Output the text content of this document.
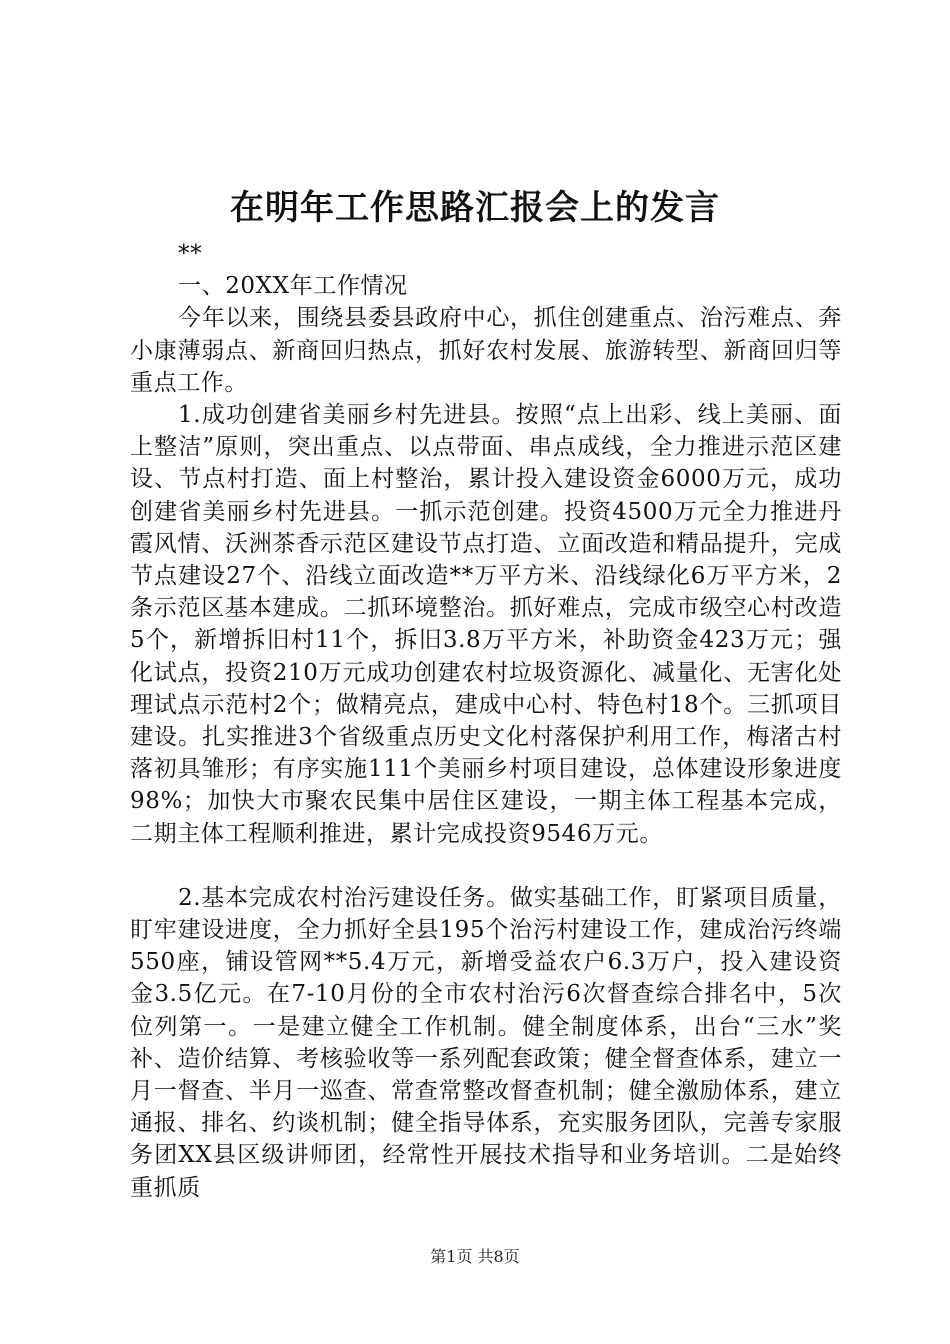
在明年工作思路汇报会上的发言

**

一、20XX年工作情况

今年以来，围绕县委县政府中心，抓住创建重点、治污难点、奔小康薄弱点、新商回归热点，抓好农村发展、旅游转型、新商回归等重点工作。

1.成功创建省美丽乡村先进县。按照“点上出彩、线上美丽、面上整洁”原则，突出重点、以点带面、串点成线，全力推进示范区建设、节点村打造、面上村整治，累计投入建设资金6000万元，成功创建省美丽乡村先进县。一抓示范创建。投资4500万元全力推进丹霞风情、沃洲茶香示范区建设节点打造、立面改造和精品提升，完成节点建设27个、沿线立面改造**万平方米、沿线绿化6万平方米，2条示范区基本建成。二抓环境整治。抓好难点，完成市级空心村改造5个，新增拆旧村11个，拆旧3.8万平方米，补助资金423万元；强化试点，投资210万元成功创建农村垃圾资源化、减量化、无害化处理试点示范村2个；做精亮点，建成中心村、特色村18个。三抓项目建设。扎实推进3个省级重点历史文化村落保护利用工作，梅渚古村落初具雏形；有序实施111个美丽乡村项目建设，总体建设形象进度98%；加快大市聚农民集中居住区建设，一期主体工程基本完成，二期主体工程顺利推进，累计完成投资9546万元。

2.基本完成农村治污建设任务。做实基础工作，盯紧项目质量，盯牢建设进度，全力抓好全县195个治污村建设工作，建成治污终端550座，铺设管网**5.4万元，新增受益农户6.3万户，投入建设资金3.5亿元。在7-10月份的全市农村治污6次督查综合排名中，5次位列第一。一是建立健全工作机制。健全制度体系，出台“三水”奖补、造价结算、考核验收等一系列配套政策；健全督查体系，建立一月一督查、半月一巡查、常查常整改督查机制；健全激励体系，建立通报、排名、约谈机制；健全指导体系，充实服务团队，完善专家服务团XX县区级讲师团，经常性开展技术指导和业务培训。二是始终重抓质

第1页 共8页
